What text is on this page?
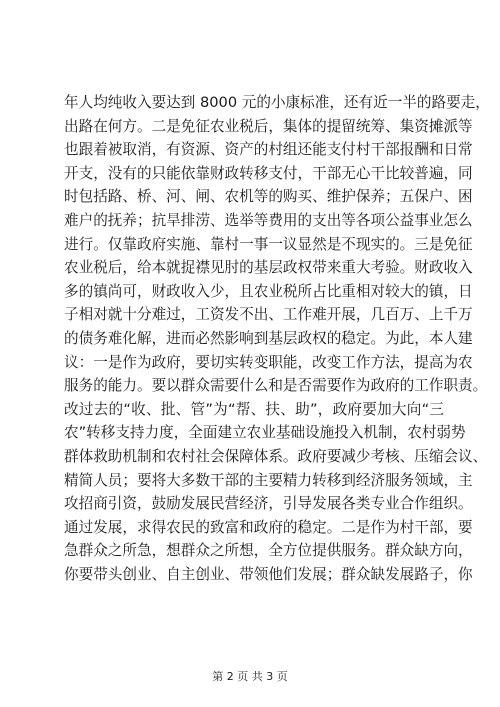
年人均纯收入要达到 8000 元的小康标准，还有近一半的路要走，
出路在何方。二是免征农业税后，集体的提留统筹、集资摊派等
也跟着被取消，有资源、资产的村组还能支付村干部报酬和日常
开支，没有的只能依靠财政转移支付，干部无心干比较普遍，同
时包括路、桥、河、闸、农机等的购买、维护保养；五保户、困
难户的抚养；抗旱排涝、选举等费用的支出等各项公益事业怎么
进行。仅靠政府实施、靠村一事一议显然是不现实的。三是免征
农业税后，给本就捉襟见肘的基层政权带来重大考验。财政收入
多的镇尚可，财政收入少，且农业税所占比重相对较大的镇，日
子相对就十分难过，工资发不出、工作难开展，几百万、上千万
的债务难化解，进而必然影响到基层政权的稳定。为此，本人建
议：一是作为政府，要切实转变职能，改变工作方法，提高为农
服务的能力。要以群众需要什么和是否需要作为政府的工作职责。
改过去的“收、批、管”为“帮、扶、助”，政府要加大向“三
农”转移支持力度，全面建立农业基础设施投入机制，农村弱势
群体救助机制和农村社会保障体系。政府要减少考核、压缩会议、
精简人员；要将大多数干部的主要精力转移到经济服务领域，主
攻招商引资，鼓励发展民营经济，引导发展各类专业合作组织。
通过发展，求得农民的致富和政府的稳定。二是作为村干部，要
急群众之所急，想群众之所想，全方位提供服务。群众缺方向，
你要带头创业、自主创业、带领他们发展；群众缺发展路子，你
第 2 页 共 3 页
